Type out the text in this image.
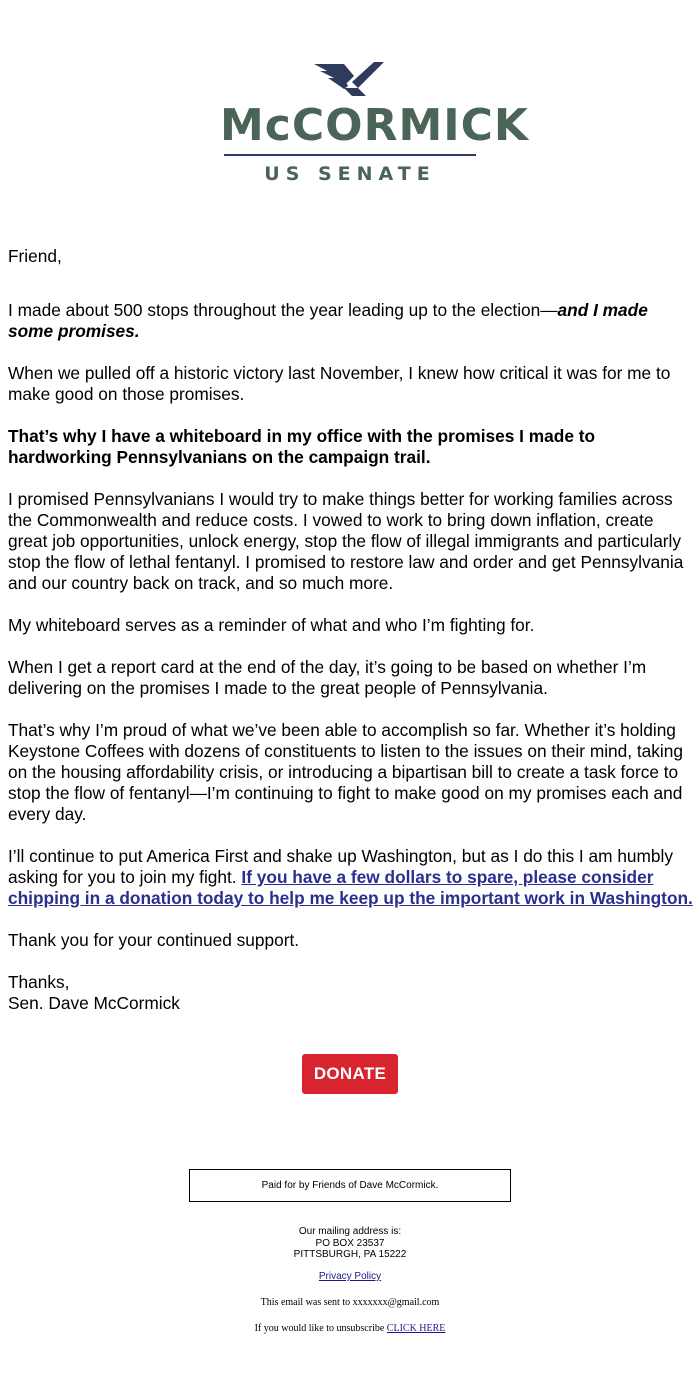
McCORMICK
US SENATE

Friend,

I made about 500 stops throughout the year leading up to the election—and I made some promises.

When we pulled off a historic victory last November, I knew how critical it was for me to make good on those promises.

That’s why I have a whiteboard in my office with the promises I made to hardworking Pennsylvanians on the campaign trail.

I promised Pennsylvanians I would try to make things better for working families across the Commonwealth and reduce costs. I vowed to work to bring down inflation, create great job opportunities, unlock energy, stop the flow of illegal immigrants and particularly stop the flow of lethal fentanyl. I promised to restore law and order and get Pennsylvania and our country back on track, and so much more.

My whiteboard serves as a reminder of what and who I’m fighting for.

When I get a report card at the end of the day, it’s going to be based on whether I’m delivering on the promises I made to the great people of Pennsylvania.

That’s why I’m proud of what we’ve been able to accomplish so far. Whether it’s holding Keystone Coffees with dozens of constituents to listen to the issues on their mind, taking on the housing affordability crisis, or introducing a bipartisan bill to create a task force to stop the flow of fentanyl—I’m continuing to fight to make good on my promises each and every day.

I’ll continue to put America First and shake up Washington, but as I do this I am humbly asking for you to join my fight. If you have a few dollars to spare, please consider chipping in a donation today to help me keep up the important work in Washington.

Thank you for your continued support.

Thanks,
Sen. Dave McCormick

DONATE
Paid for by Friends of Dave McCormick.
Our mailing address is:
PO BOX 23537
PITTSBURGH, PA 15222
Privacy Policy
This email was sent to xxxxxxx@gmail.com
If you would like to unsubscribe CLICK HERE
